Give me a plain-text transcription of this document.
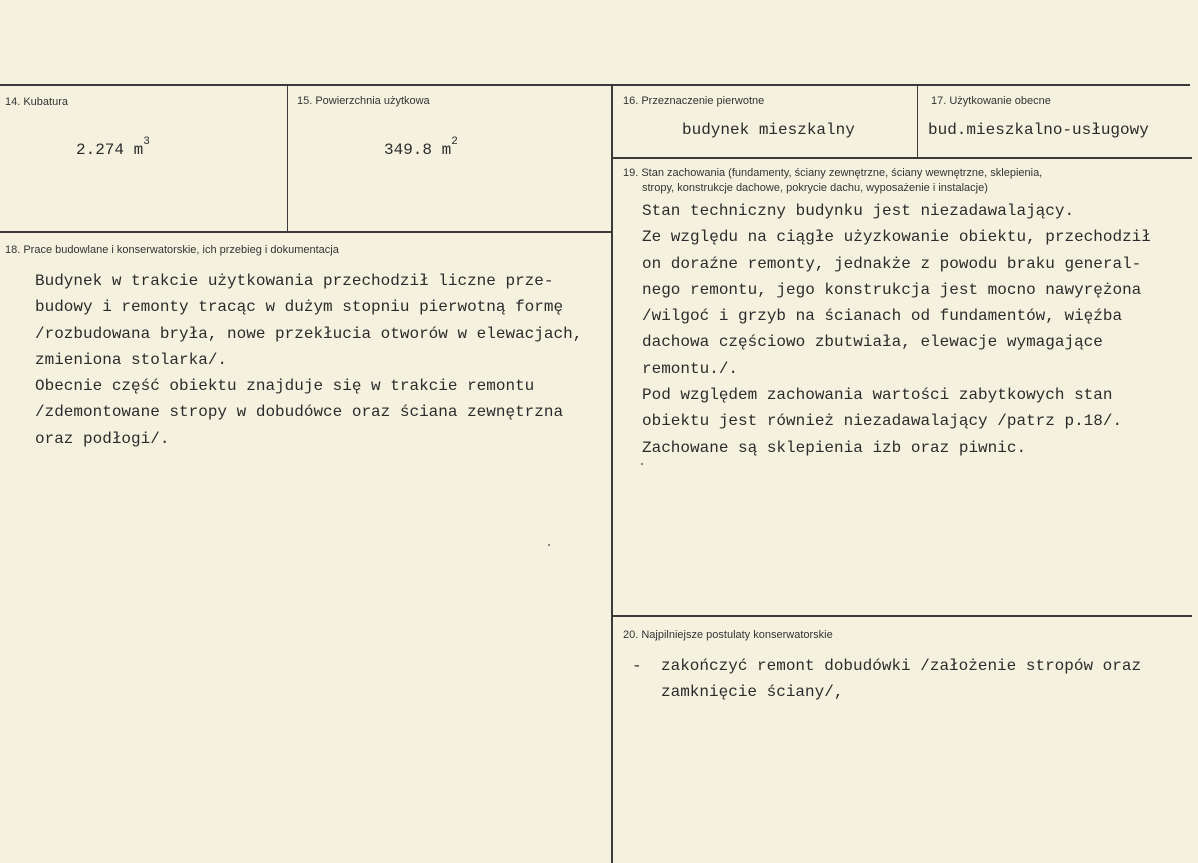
14. Kubatura
2.274 $m^3$
15. Powierzchnia użytkowa
349.8 $m^2$
16. Przeznaczenie pierwotne
budynek mieszkalny
17. Użytkowanie obecne
bud.mieszkalno-usługowy
18. Prace budowlane i konserwatorskie, ich przebieg i dokumentacja
Budynek w trakcie użytkowania przechodził liczne prze-
budowy i remonty tracąc w dużym stopniu pierwotną formę
/rozbudowana bryła, nowe przekłucia otworów w elewacjach,
zmieniona stolarka/.
Obecnie część obiektu znajduje się w trakcie remontu
/zdemontowane stropy w dobudówce oraz ściana zewnętrzna
oraz podłogi/.
19. Stan zachowania (fundamenty, ściany zewnętrzne, ściany wewnętrzne, sklepienia,
stropy, konstrukcje dachowe, pokrycie dachu, wyposażenie i instalacje)
Stan techniczny budynku jest niezadawalający.
Ze względu na ciągłe użyzkowanie obiektu, przechodził
on doraźne remonty, jednakże z powodu braku general-
nego remontu, jego konstrukcja jest mocno nawyrężona
/wilgoć i grzyb na ścianach od fundamentów, więźba
dachowa częściowo zbutwiała, elewacje wymagające
remontu./.
Pod względem zachowania wartości zabytkowych stan
obiektu jest również niezadawalający /patrz p.18/.
Zachowane są sklepienia izb oraz piwnic.
20. Najpilniejsze postulaty konserwatorskie
- zakończyć remont dobudówki /założenie stropów oraz
zamknięcie ściany/,
